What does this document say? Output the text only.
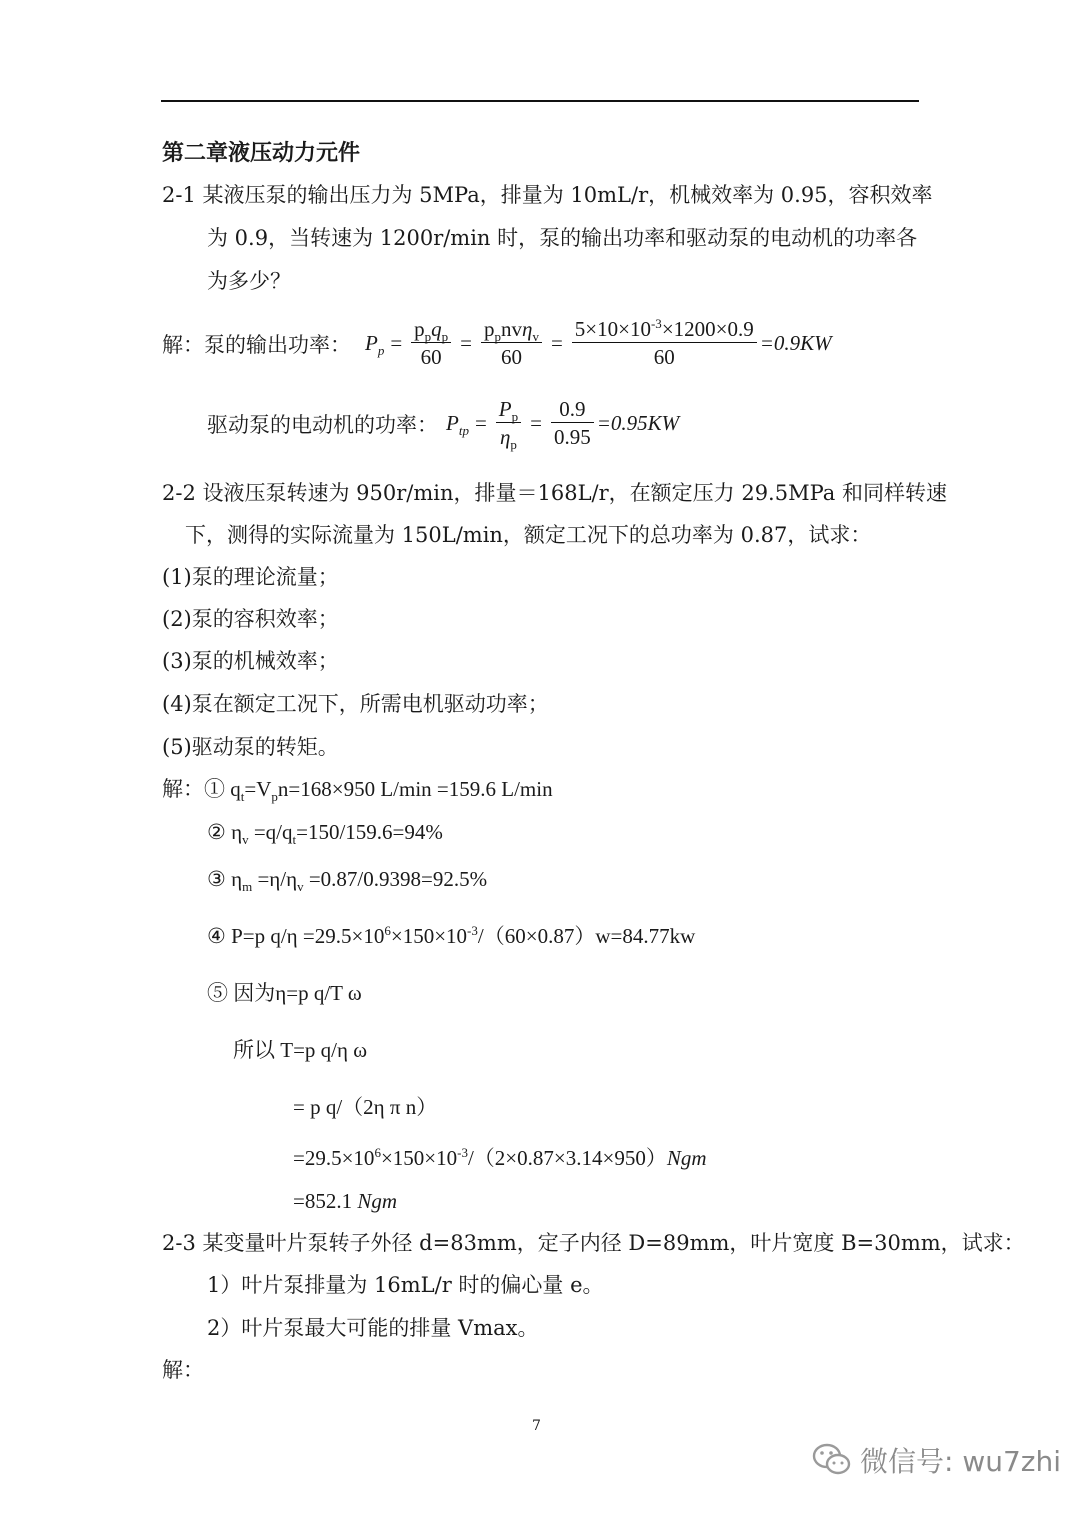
第二章液压动力元件
2-1 某液压泵的输出压力为 5MPa，排量为 10mL/r，机械效率为 0.95，容积效率
为 0.9，当转速为 1200r/min 时，泵的输出功率和驱动泵的电动机的功率各
为多少？
解：泵的输出功率： $P_p = \frac{p_pq_p}{60} = \frac{p_pnv\eta_v}{60} = \frac{5\times 10\times 10^{-3}\times 1200\times 0.9}{60} =0.9KW$
驱动泵的电动机的功率： $P_{tp} = \frac{P_p}{\eta_p} = \frac{0.9}{0.95} =0.95KW$
2-2 设液压泵转速为 950r/min，排量＝168L/r，在额定压力 29.5MPa 和同样转速
下，测得的实际流量为 150L/min，额定工况下的总功率为 0.87，试求：
(1)泵的理论流量；
(2)泵的容积效率；
(3)泵的机械效率；
(4)泵在额定工况下，所需电机驱动功率；
(5)驱动泵的转矩。
解：① $q_t=V_pn=168\times 950$ L/min =159.6 L/min
② $\eta_v =q/q_t=150/159.6=94\%$
③ $\eta_m =\eta/\eta_v =0.87/0.9398=92.5\%$
④ P=p $q/\eta =29.5\times 10^6\times 150\times 10^{-3}/(60\times 0.87)w=84.77kw$
⑤ 因为η=p q/T ω
所以 T=p q/η ω
= p q/（2η π n）
$=29.5\times 10^6\times 150\times 10^{-3}/(2\times 0.87\times 3.14\times 950)Ngm$
=852.1 Ngm
2-3 某变量叶片泵转子外径 d=83mm，定子内径 D=89mm，叶片宽度 B=30mm，试求：
1）叶片泵排量为 16mL/r 时的偏心量 e。
2）叶片泵最大可能的排量 Vmax。
解：
7
微信号: wu7zhi
